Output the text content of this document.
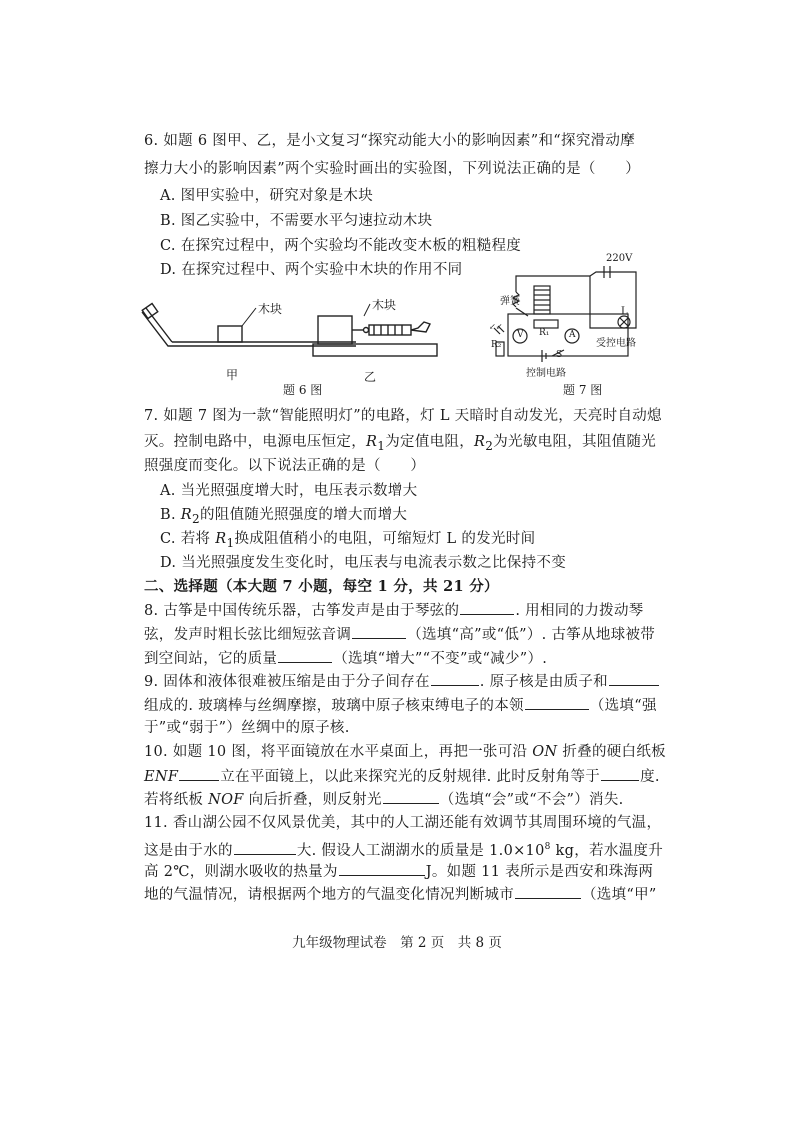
6. 如题 6 图甲、乙，是小文复习“探究动能大小的影响因素”和“探究滑动摩
擦力大小的影响因素”两个实验时画出的实验图，下列说法正确的是（　　）
A. 图甲实验中，研究对象是木块
B. 图乙实验中，不需要水平匀速拉动木块
C. 在探究过程中，两个实验均不能改变木板的粗糙程度
D. 在探究过程中、两个实验中木块的作用不同
木块	木块
甲	乙
题 6 图
220V
弹簧
L
R₁
R₂
V	A
S
↙↙
受控电路
控制电路
题 7 图
7. 如题 7 图为一款“智能照明灯”的电路，灯 L 天暗时自动发光，天亮时自动熄
灭。控制电路中，电源电压恒定，$R_1$为定值电阻，$R_2$为光敏电阻，其阻值随光
照强度而变化。以下说法正确的是（　　）
A. 当光照强度增大时，电压表示数增大
B. $R_2$的阻值随光照强度的增大而增大
C. 若将 $R_1$换成阻值稍小的电阻，可缩短灯 L 的发光时间
D. 当光照强度发生变化时，电压表与电流表示数之比保持不变
二、选择题（本大题 7 小题，每空 1 分，共 21 分）
8. 古筝是中国传统乐器，古筝发声是由于琴弦的	. 用相同的力拨动琴
弦，发声时粗长弦比细短弦音调	（选填“高”或“低”）. 古筝从地球被带
到空间站，它的质量	（选填“增大”“不变”或“减少”）.
9. 固体和液体很难被压缩是由于分子间存在	. 原子核是由质子和
组成的. 玻璃棒与丝绸摩擦，玻璃中原子核束缚电子的本领	（选填“强
于”或“弱于”）丝绸中的原子核.
10. 如题 10 图，将平面镜放在水平桌面上，再把一张可沿 ON 折叠的硬白纸板
ENF	立在平面镜上，以此来探究光的反射规律. 此时反射角等于	度.
若将纸板 NOF 向后折叠，则反射光	（选填“会”或“不会”）消失.
11. 香山湖公园不仅风景优美，其中的人工湖还能有效调节其周围环境的气温，
这是由于水的	大. 假设人工湖湖水的质量是 $1.0\times 10^8$ kg，若水温度升
高 2℃，则湖水吸收的热量为	J。如题 11 表所示是西安和珠海两
地的气温情况，请根据两个地方的气温变化情况判断城市	（选填“甲”
九年级物理试卷　第 2 页　共 8 页
